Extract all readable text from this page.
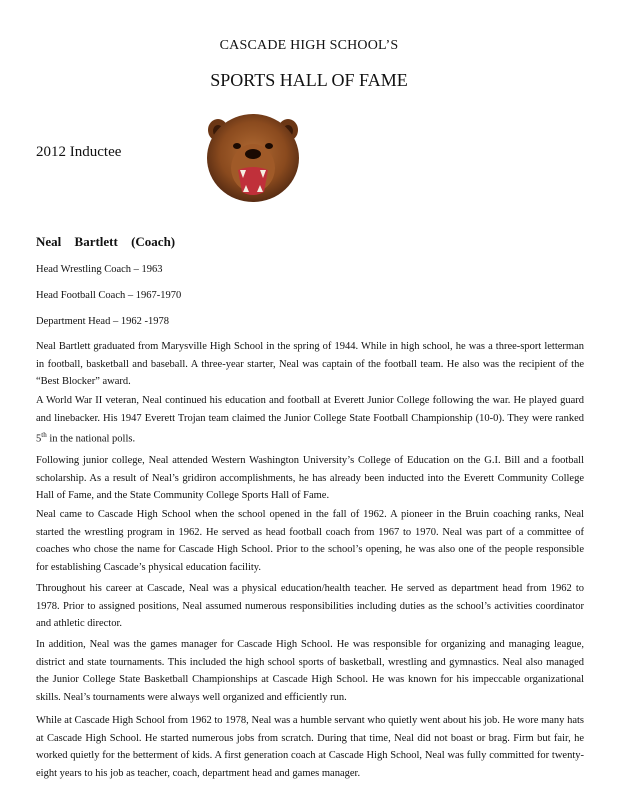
CASCADE HIGH SCHOOL’S
SPORTS HALL OF FAME
2012 Inductee
Neal Bartlett (Coach)
Head Wrestling Coach – 1963
Head Football Coach – 1967-1970
Department Head – 1962 -1978
Neal Bartlett graduated from Marysville High School in the spring of 1944. While in high school, he was a three-sport letterman in football, basketball and baseball. A three-year starter, Neal was captain of the football team. He also was the recipient of the “Best Blocker” award.
A World War II veteran, Neal continued his education and football at Everett Junior College following the war. He played guard and linebacker. His 1947 Everett Trojan team claimed the Junior College State Football Championship (10-0). They were ranked 5th in the national polls.
Following junior college, Neal attended Western Washington University’s College of Education on the G.I. Bill and a football scholarship. As a result of Neal’s gridiron accomplishments, he has already been inducted into the Everett Community College Hall of Fame, and the State Community College Sports Hall of Fame.
Neal came to Cascade High School when the school opened in the fall of 1962. A pioneer in the Bruin coaching ranks, Neal started the wrestling program in 1962. He served as head football coach from 1967 to 1970. Neal was part of a committee of coaches who chose the name for Cascade High School. Prior to the school’s opening, he was also one of the people responsible for establishing Cascade’s physical education facility.
Throughout his career at Cascade, Neal was a physical education/health teacher. He served as department head from 1962 to 1978. Prior to assigned positions, Neal assumed numerous responsibilities including duties as the school’s activities coordinator and athletic director.
In addition, Neal was the games manager for Cascade High School. He was responsible for organizing and managing league, district and state tournaments. This included the high school sports of basketball, wrestling and gymnastics. Neal also managed the Junior College State Basketball Championships at Cascade High School. He was known for his impeccable organizational skills. Neal’s tournaments were always well organized and efficiently run.
While at Cascade High School from 1962 to 1978, Neal was a humble servant who quietly went about his job. He wore many hats at Cascade High School. He started numerous jobs from scratch. During that time, Neal did not boast or brag. Firm but fair, he worked quietly for the betterment of kids. A first generation coach at Cascade High School, Neal was fully committed for twenty-eight years to his job as teacher, coach, department head and games manager.
